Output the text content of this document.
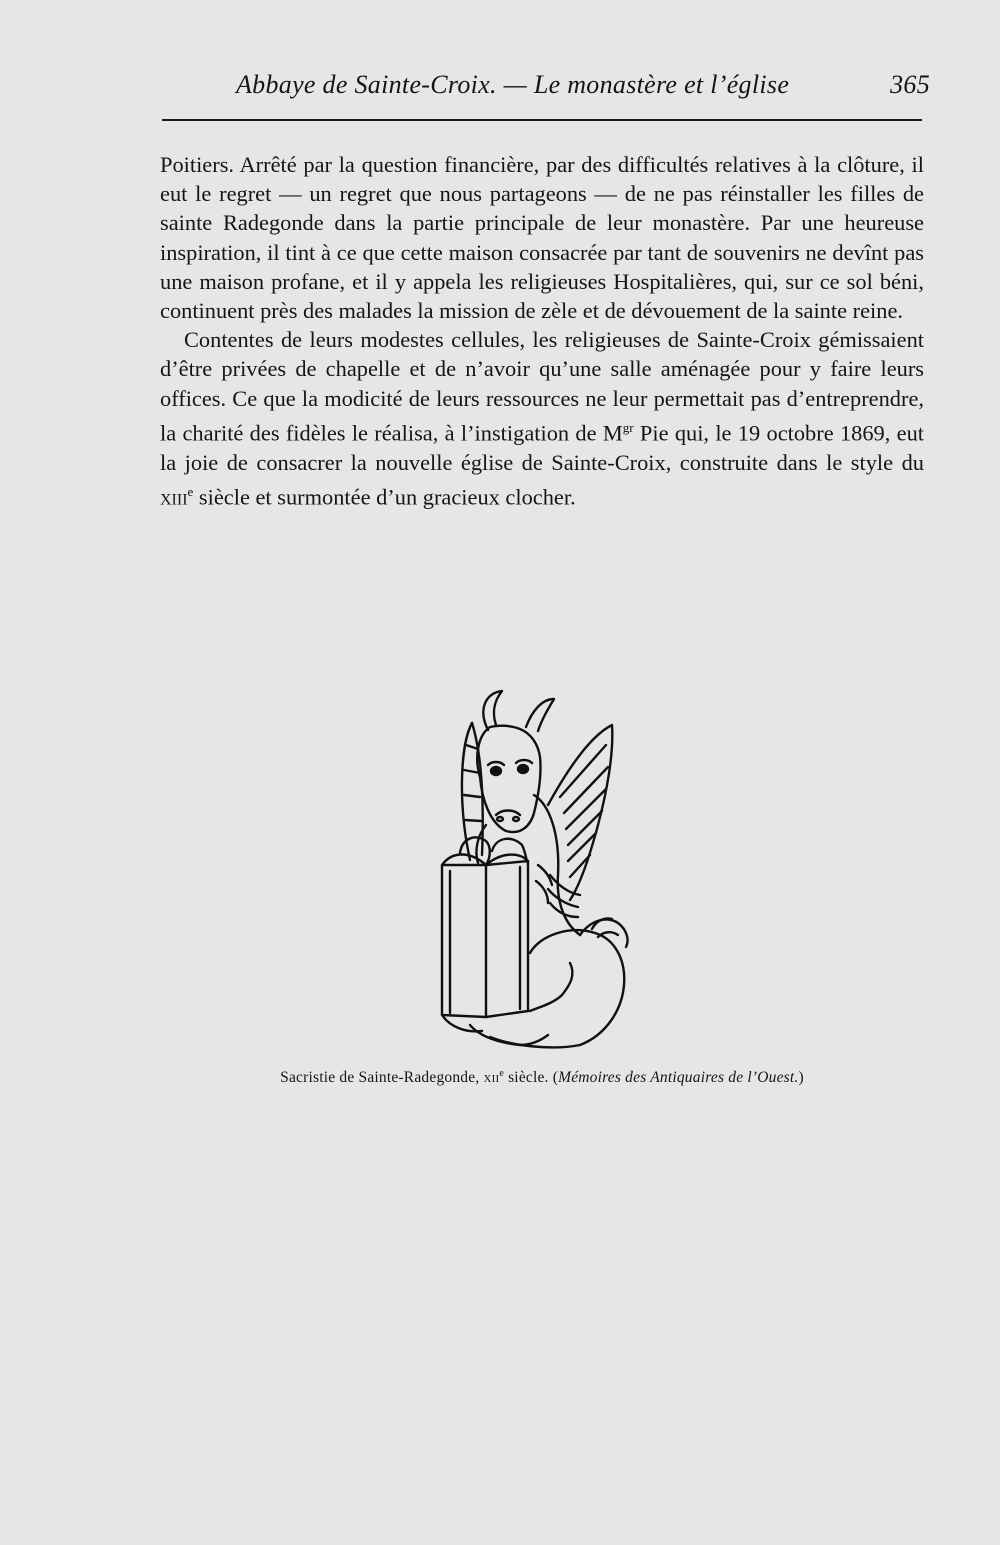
Abbaye de Sainte-Croix. — Le monastère et l’église	365

Poitiers. Arrêté par la question financière, par des difficultés relatives à la clôture, il eut le regret — un regret que nous partageons — de ne pas réinstaller les filles de sainte Radegonde dans la partie principale de leur monastère. Par une heureuse inspiration, il tint à ce que cette maison consacrée par tant de souvenirs ne devînt pas une maison profane, et il y appela les religieuses Hospitalières, qui, sur ce sol béni, continuent près des malades la mission de zèle et de dévouement de la sainte reine.

Contentes de leurs modestes cellules, les religieuses de Sainte-Croix gémissaient d’être privées de chapelle et de n’avoir qu’une salle aménagée pour y faire leurs offices. Ce que la modicité de leurs ressources ne leur permettait pas d’entreprendre, la charité des fidèles le réalisa, à l’instigation de $M^{gr}$ Pie qui, le 19 octobre 1869, eut la joie de consacrer la nouvelle église de Sainte-Croix, construite dans le style du xiii$^e$ siècle et surmontée d’un gracieux clocher.

Sacristie de Sainte-Radegonde, xii$^e$ siècle. (Mémoires des Antiquaires de l’Ouest.)
